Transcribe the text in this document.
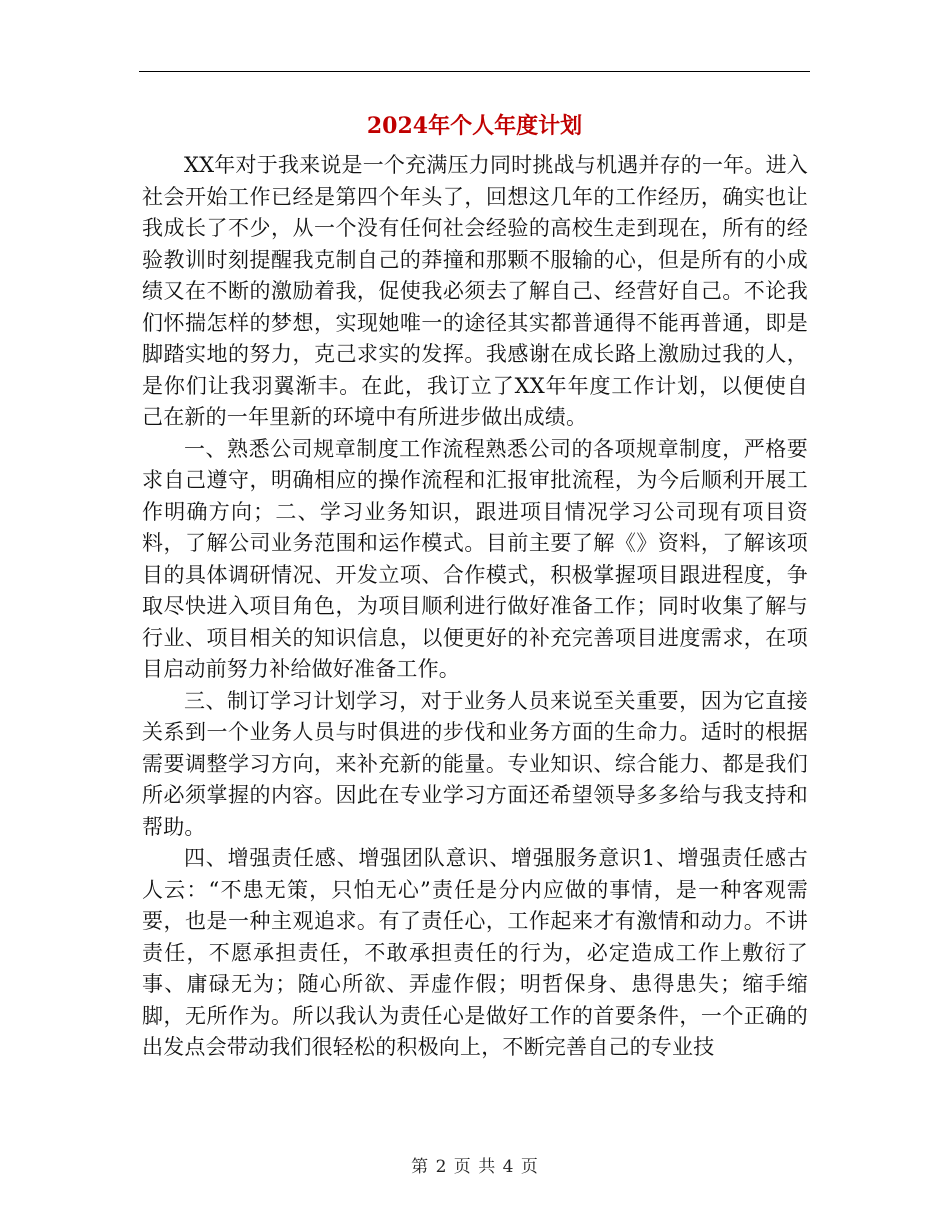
2024年个人年度计划

XX年对于我来说是一个充满压力同时挑战与机遇并存的一年。进入社会开始工作已经是第四个年头了，回想这几年的工作经历，确实也让我成长了不少，从一个没有任何社会经验的高校生走到现在，所有的经验教训时刻提醒我克制自己的莽撞和那颗不服输的心，但是所有的小成绩又在不断的激励着我，促使我必须去了解自己、经营好自己。不论我们怀揣怎样的梦想，实现她唯一的途径其实都普通得不能再普通，即是脚踏实地的努力，克己求实的发挥。我感谢在成长路上激励过我的人，是你们让我羽翼渐丰。在此，我订立了XX年年度工作计划，以便使自己在新的一年里新的环境中有所进步做出成绩。

一、熟悉公司规章制度工作流程熟悉公司的各项规章制度，严格要求自己遵守，明确相应的操作流程和汇报审批流程，为今后顺利开展工作明确方向；二、学习业务知识，跟进项目情况学习公司现有项目资料，了解公司业务范围和运作模式。目前主要了解《》资料，了解该项目的具体调研情况、开发立项、合作模式，积极掌握项目跟进程度，争取尽快进入项目角色，为项目顺利进行做好准备工作；同时收集了解与行业、项目相关的知识信息，以便更好的补充完善项目进度需求，在项目启动前努力补给做好准备工作。

三、制订学习计划学习，对于业务人员来说至关重要，因为它直接关系到一个业务人员与时俱进的步伐和业务方面的生命力。适时的根据需要调整学习方向，来补充新的能量。专业知识、综合能力、都是我们所必须掌握的内容。因此在专业学习方面还希望领导多多给与我支持和帮助。

四、增强责任感、增强团队意识、增强服务意识1、增强责任感古人云：“不患无策，只怕无心”责任是分内应做的事情，是一种客观需要，也是一种主观追求。有了责任心，工作起来才有激情和动力。不讲责任，不愿承担责任，不敢承担责任的行为，必定造成工作上敷衍了事、庸碌无为；随心所欲、弄虚作假；明哲保身、患得患失；缩手缩脚，无所作为。所以我认为责任心是做好工作的首要条件，一个正确的出发点会带动我们很轻松的积极向上，不断完善自己的专业技

第 2 页 共 4 页
